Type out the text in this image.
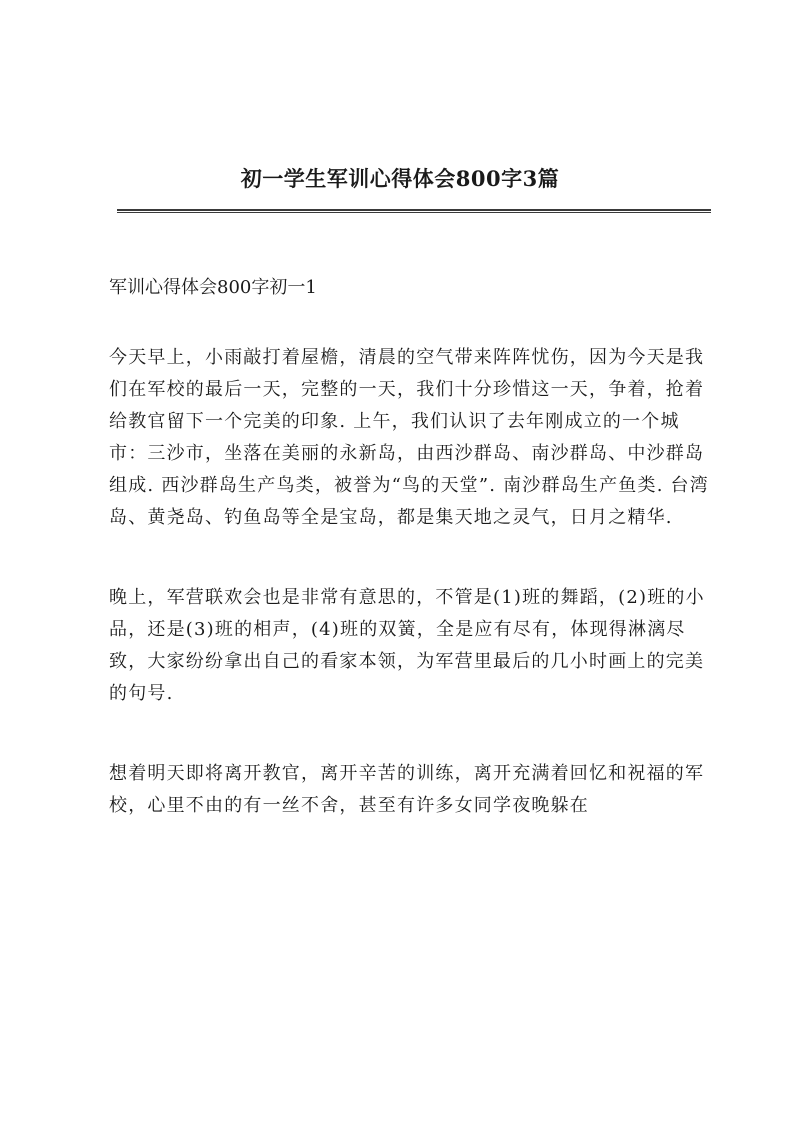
初一学生军训心得体会800字3篇
军训心得体会800字初一1

今天早上，小雨敲打着屋檐，清晨的空气带来阵阵忧伤，因为今天是我们在军校的最后一天，完整的一天，我们十分珍惜这一天，争着，抢着给教官留下一个完美的印象. 上午，我们认识了去年刚成立的一个城市：三沙市，坐落在美丽的永新岛，由西沙群岛、南沙群岛、中沙群岛组成. 西沙群岛生产鸟类，被誉为“鸟的天堂”. 南沙群岛生产鱼类. 台湾岛、黄尧岛、钓鱼岛等全是宝岛，都是集天地之灵气，日月之精华.

晚上，军营联欢会也是非常有意思的，不管是(1)班的舞蹈，(2)班的小品，还是(3)班的相声，(4)班的双簧，全是应有尽有，体现得淋漓尽致，大家纷纷拿出自己的看家本领，为军营里最后的几小时画上的完美的句号.

想着明天即将离开教官，离开辛苦的训练，离开充满着回忆和祝福的军校，心里不由的有一丝不舍，甚至有许多女同学夜晚躲在
